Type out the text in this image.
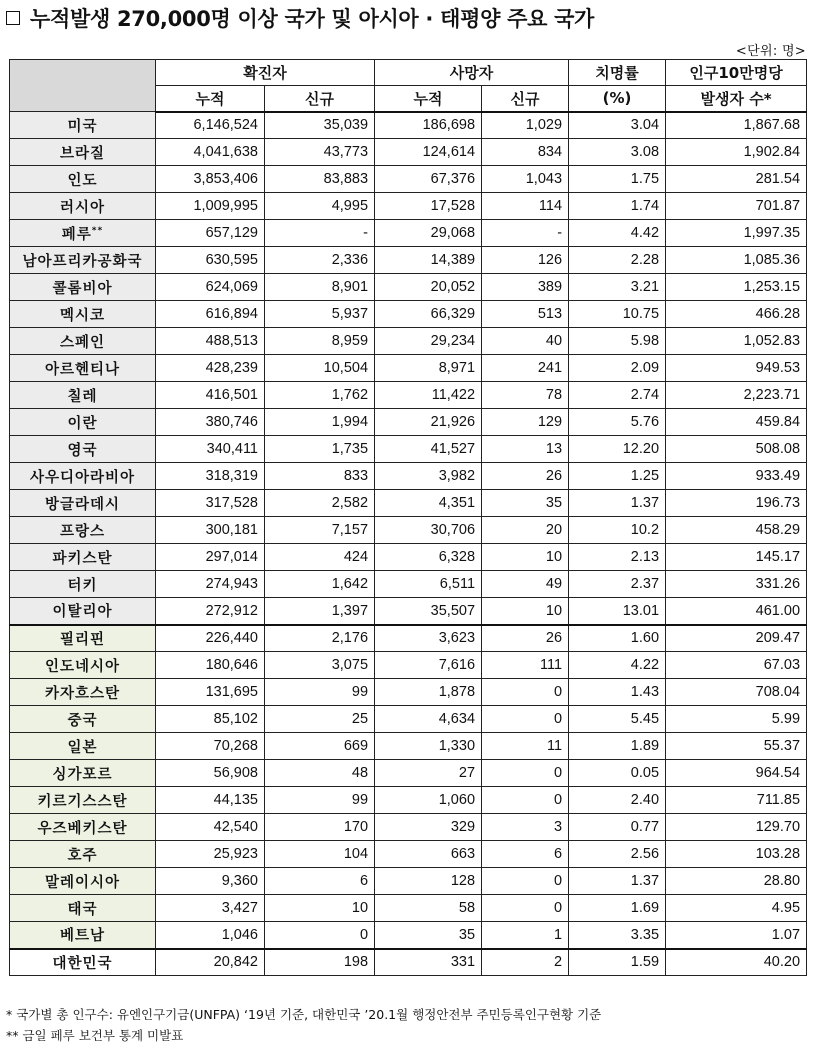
누적발생 270,000명 이상 국가 및 아시아 · 태평양 주요 국가
<단위: 명>
	확진자		사망자		치명률	인구10만명당
	누적	신규	누적	신규	(%)	발생자 수*
미국	6,146,524	35,039	186,698	1,029	3.04	1,867.68
브라질	4,041,638	43,773	124,614	834	3.08	1,902.84
인도	3,853,406	83,883	67,376	1,043	1.75	281.54
러시아	1,009,995	4,995	17,528	114	1.74	701.87
페루**	657,129	-	29,068	-	4.42	1,997.35
남아프리카공화국	630,595	2,336	14,389	126	2.28	1,085.36
콜롬비아	624,069	8,901	20,052	389	3.21	1,253.15
멕시코	616,894	5,937	66,329	513	10.75	466.28
스페인	488,513	8,959	29,234	40	5.98	1,052.83
아르헨티나	428,239	10,504	8,971	241	2.09	949.53
칠레	416,501	1,762	11,422	78	2.74	2,223.71
이란	380,746	1,994	21,926	129	5.76	459.84
영국	340,411	1,735	41,527	13	12.20	508.08
사우디아라비아	318,319	833	3,982	26	1.25	933.49
방글라데시	317,528	2,582	4,351	35	1.37	196.73
프랑스	300,181	7,157	30,706	20	10.2	458.29
파키스탄	297,014	424	6,328	10	2.13	145.17
터키	274,943	1,642	6,511	49	2.37	331.26
이탈리아	272,912	1,397	35,507	10	13.01	461.00
필리핀	226,440	2,176	3,623	26	1.60	209.47
인도네시아	180,646	3,075	7,616	111	4.22	67.03
카자흐스탄	131,695	99	1,878	0	1.43	708.04
중국	85,102	25	4,634	0	5.45	5.99
일본	70,268	669	1,330	11	1.89	55.37
싱가포르	56,908	48	27	0	0.05	964.54
키르기스스탄	44,135	99	1,060	0	2.40	711.85
우즈베키스탄	42,540	170	329	3	0.77	129.70
호주	25,923	104	663	6	2.56	103.28
말레이시아	9,360	6	128	0	1.37	28.80
태국	3,427	10	58	0	1.69	4.95
베트남	1,046	0	35	1	3.35	1.07
대한민국	20,842	198	331	2	1.59	40.20
* 국가별 총 인구수: 유엔인구기금(UNFPA) ‘19년 기준, 대한민국 ’20.1월 행정안전부 주민등록인구현황 기준
** 금일 페루 보건부 통계 미발표
